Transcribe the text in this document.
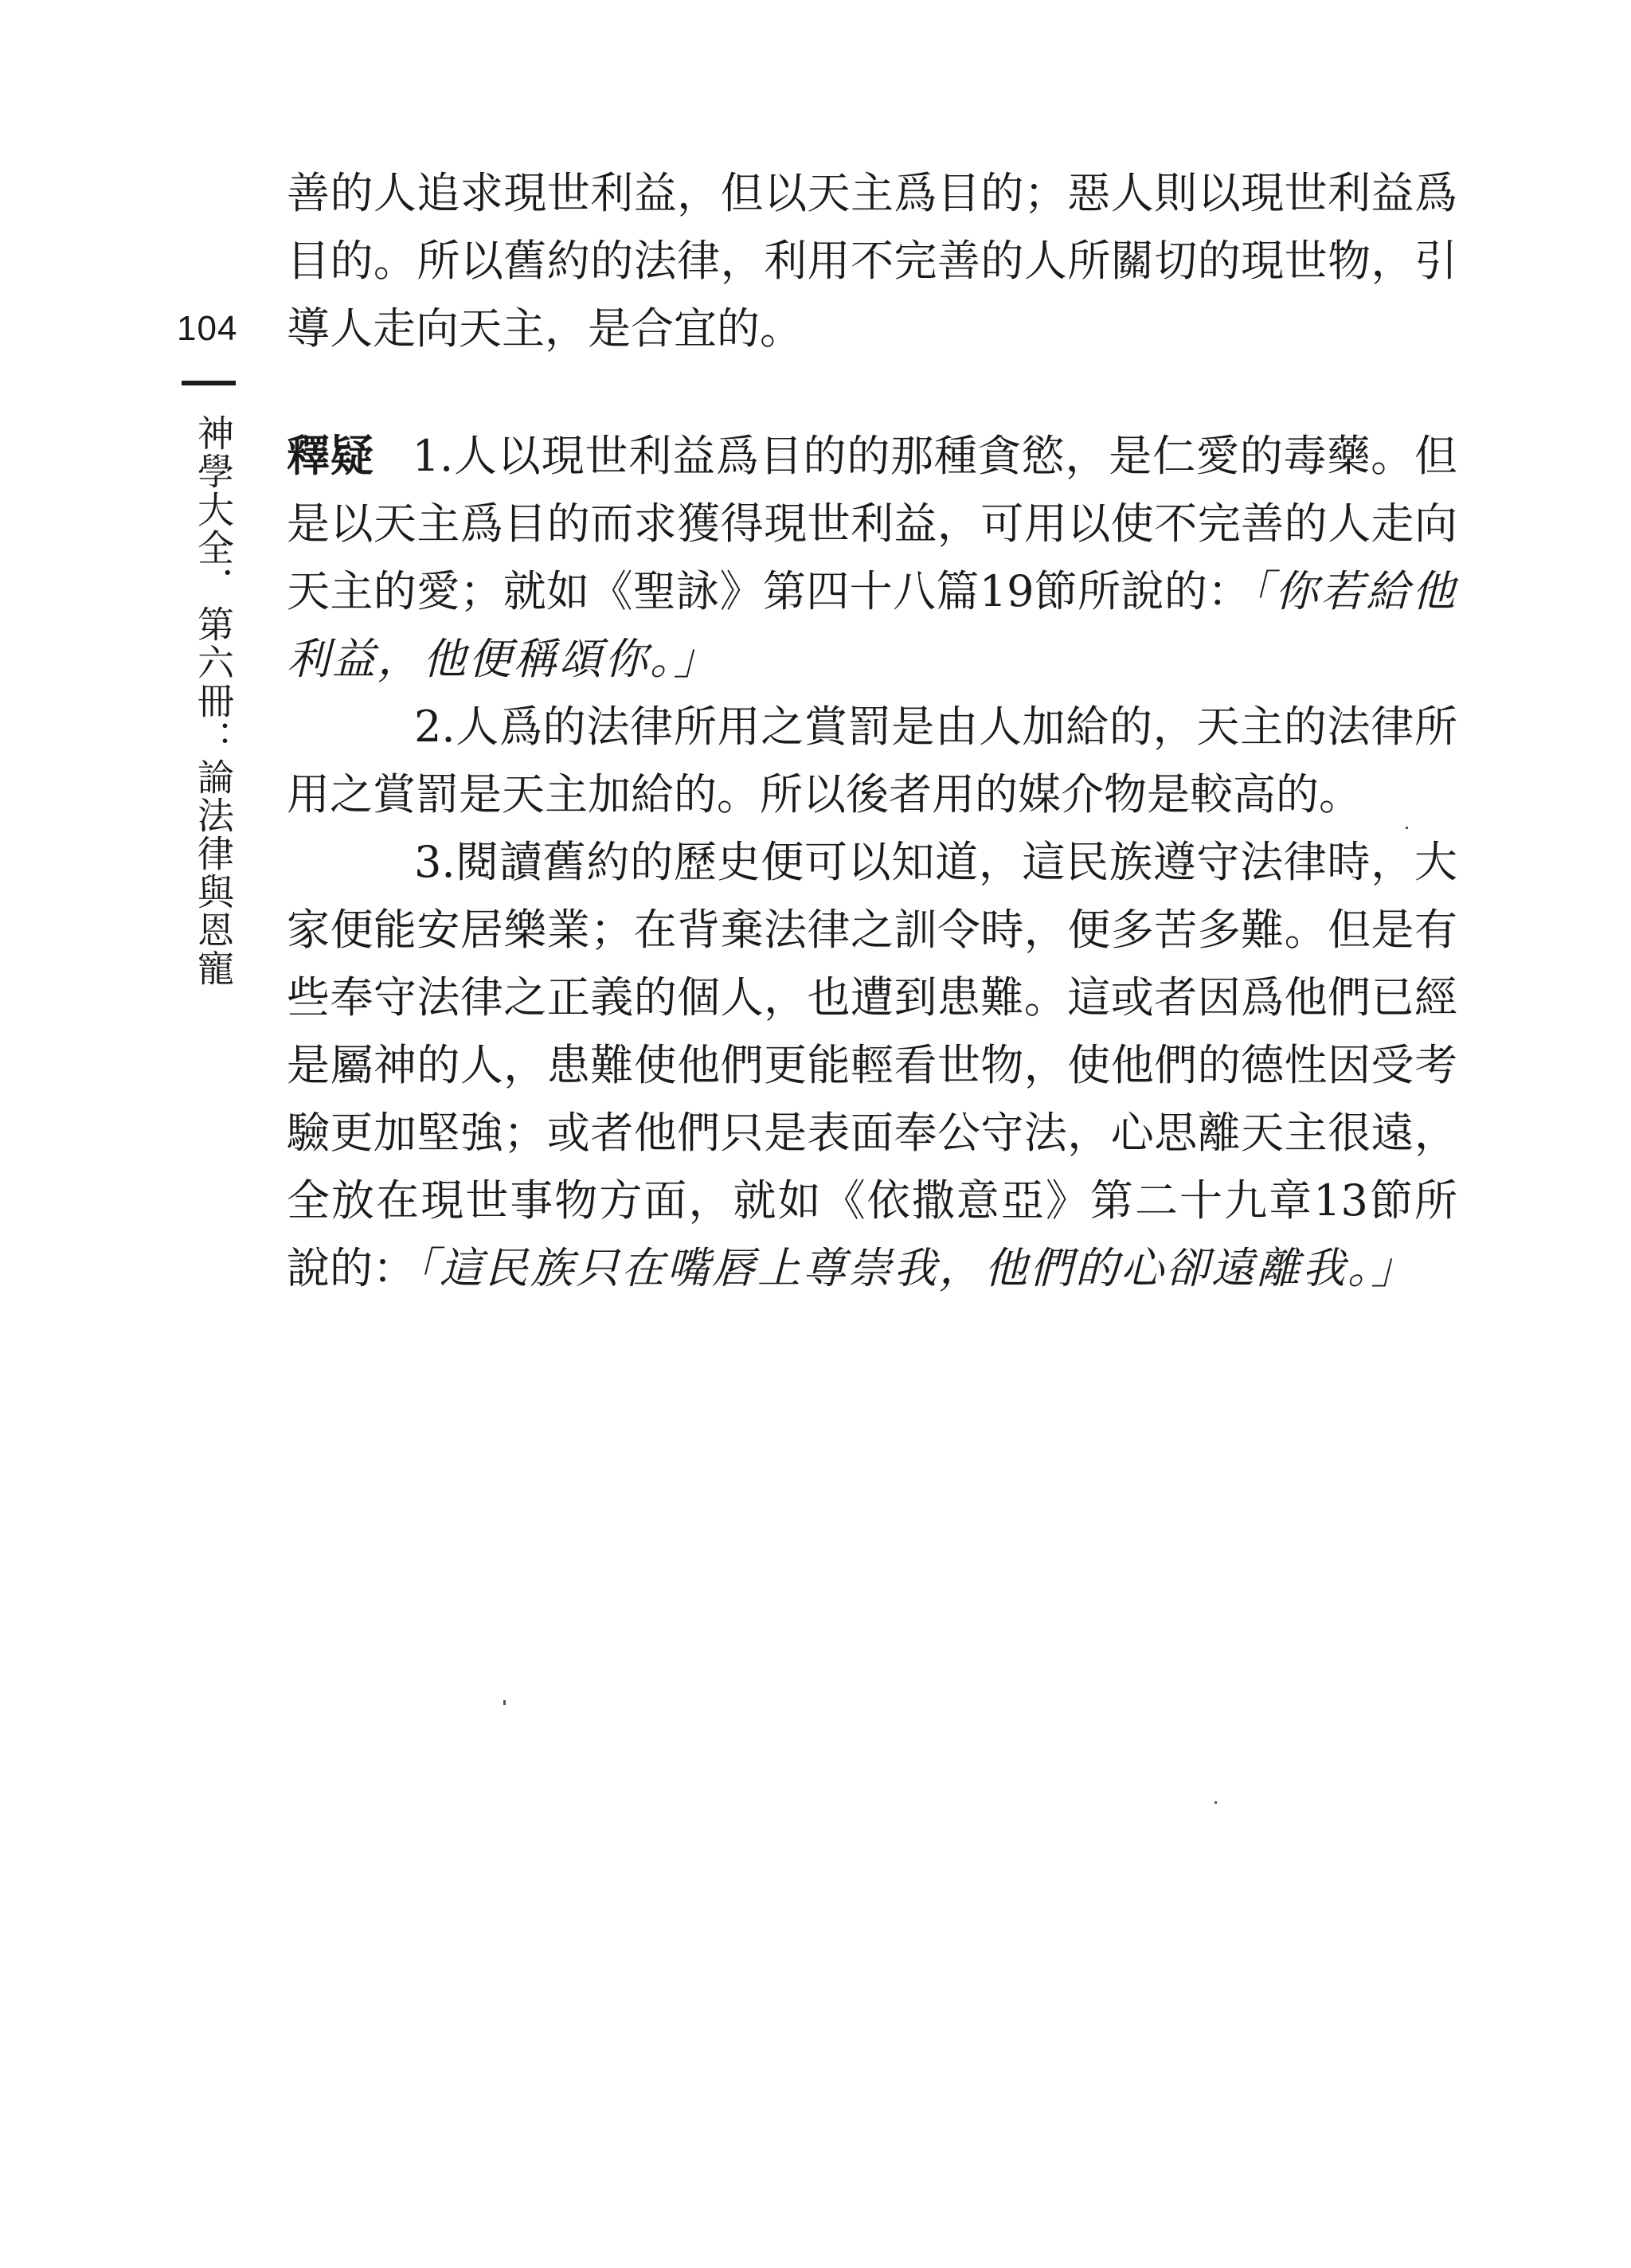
104
神學大全．第六冊：論法律與恩寵

善的人追求現世利益，但以天主爲目的；惡人則以現世利益爲目的。所以舊約的法律，利用不完善的人所關切的現世物，引導人走向天主，是合宜的。

釋疑 1.人以現世利益爲目的的那種貪慾，是仁愛的毒藥。但是以天主爲目的而求獲得現世利益，可用以使不完善的人走向天主的愛；就如《聖詠》第四十八篇19節所說的：「你若給他利益，他便稱頌你。」

2.人爲的法律所用之賞罰是由人加給的，天主的法律所用之賞罰是天主加給的。所以後者用的媒介物是較高的。

3.閱讀舊約的歷史便可以知道，這民族遵守法律時，大家便能安居樂業；在背棄法律之訓令時，便多苦多難。但是有些奉守法律之正義的個人，也遭到患難。這或者因爲他們已經是屬神的人，患難使他們更能輕看世物，使他們的德性因受考驗更加堅強；或者他們只是表面奉公守法，心思離天主很遠，全放在現世事物方面，就如《依撒意亞》第二十九章13節所說的：「這民族只在嘴唇上尊崇我，他們的心卻遠離我。」
